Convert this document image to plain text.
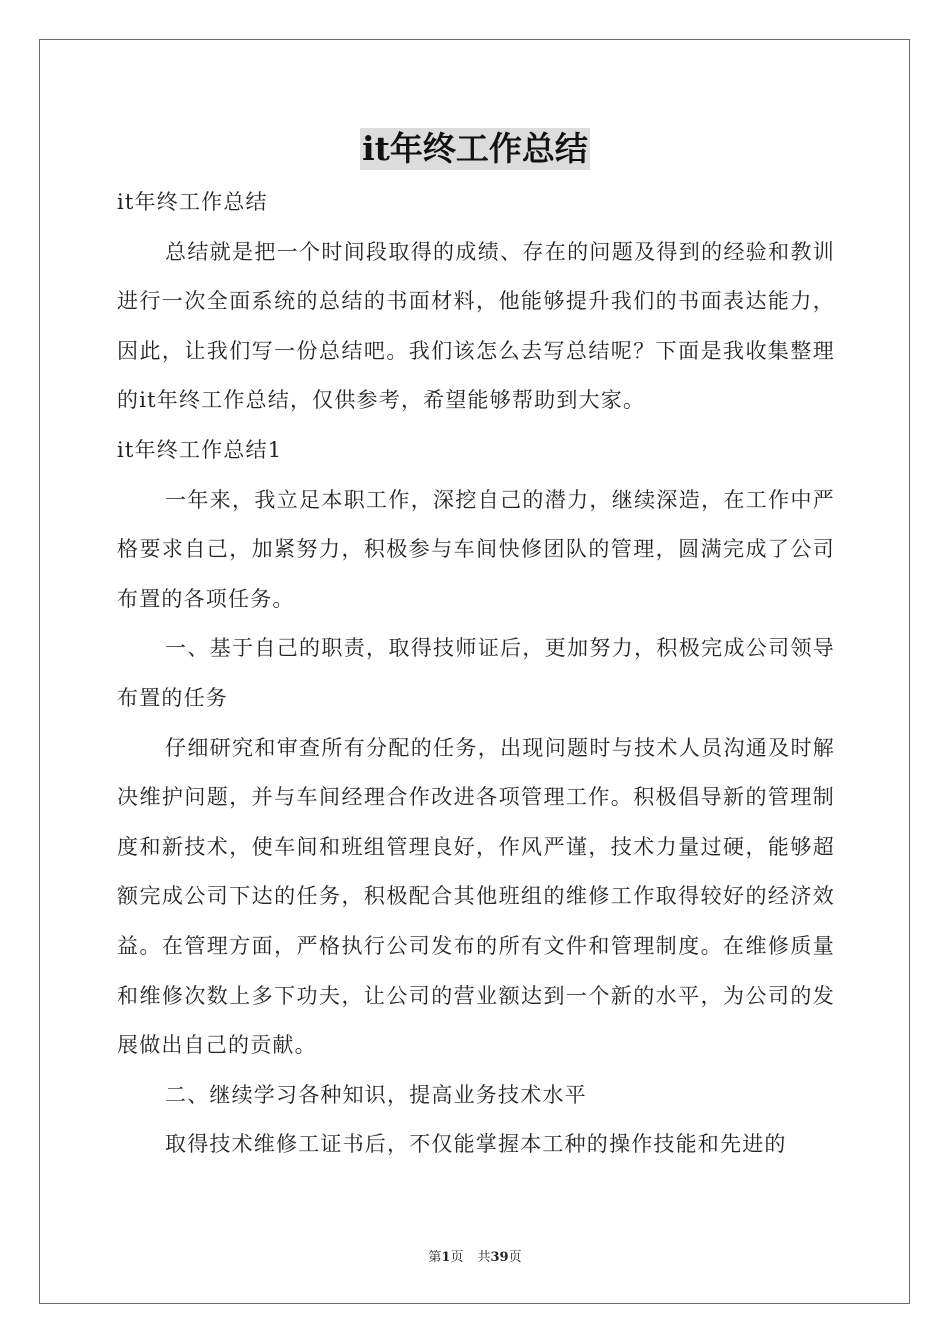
it年终工作总结

it年终工作总结

总结就是把一个时间段取得的成绩、存在的问题及得到的经验和教训进行一次全面系统的总结的书面材料，他能够提升我们的书面表达能力，因此，让我们写一份总结吧。我们该怎么去写总结呢？下面是我收集整理的it年终工作总结，仅供参考，希望能够帮助到大家。

it年终工作总结1

一年来，我立足本职工作，深挖自己的潜力，继续深造，在工作中严格要求自己，加紧努力，积极参与车间快修团队的管理，圆满完成了公司布置的各项任务。

一、基于自己的职责，取得技师证后，更加努力，积极完成公司领导布置的任务

仔细研究和审查所有分配的任务，出现问题时与技术人员沟通及时解决维护问题，并与车间经理合作改进各项管理工作。积极倡导新的管理制度和新技术，使车间和班组管理良好，作风严谨，技术力量过硬，能够超额完成公司下达的任务，积极配合其他班组的维修工作取得较好的经济效益。在管理方面，严格执行公司发布的所有文件和管理制度。在维修质量和维修次数上多下功夫，让公司的营业额达到一个新的水平，为公司的发展做出自己的贡献。

二、继续学习各种知识，提高业务技术水平

取得技术维修工证书后，不仅能掌握本工种的操作技能和先进的

第1页 共39页
